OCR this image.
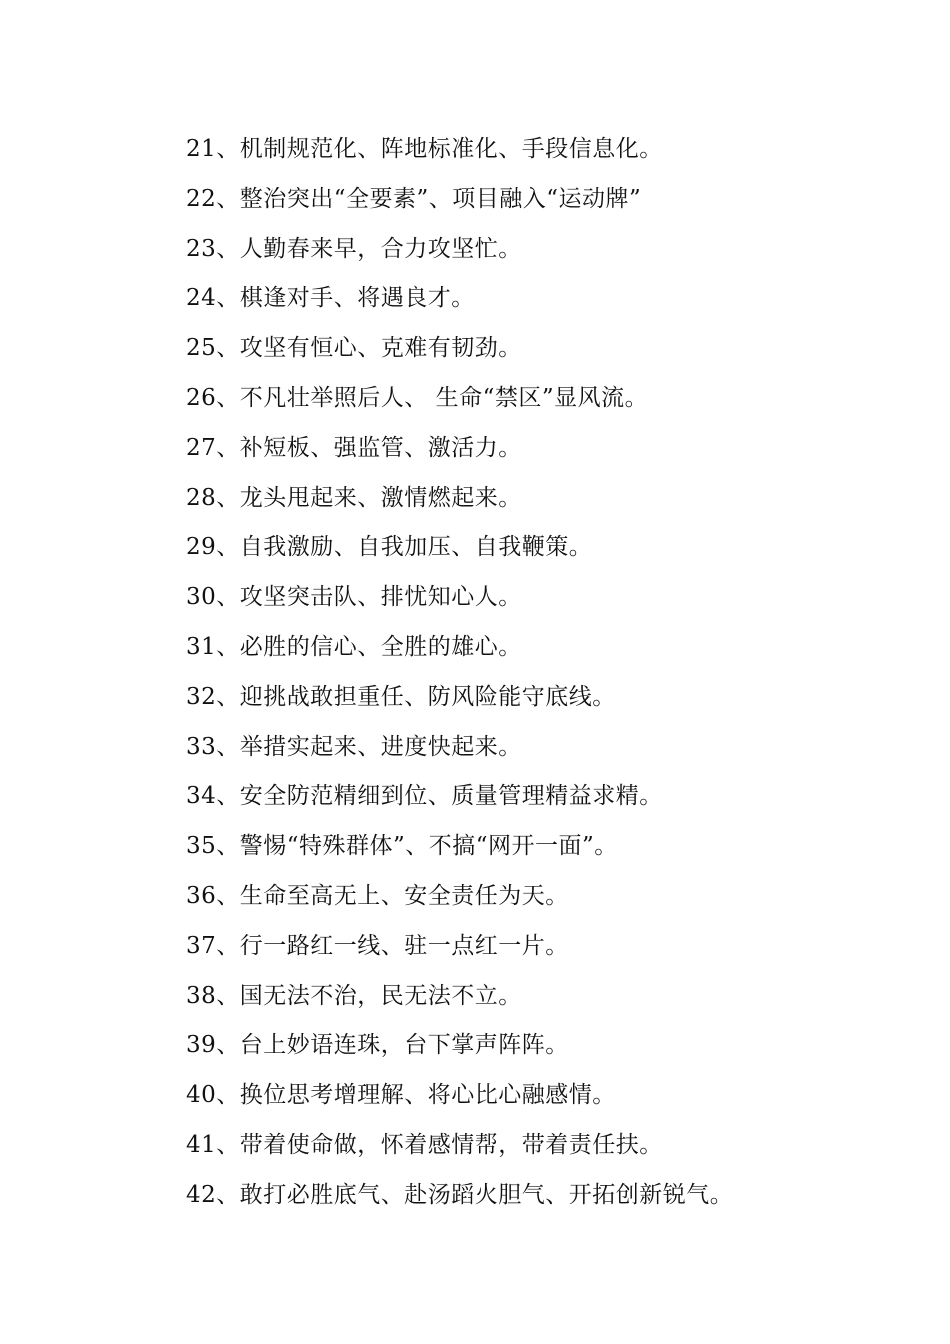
21、机制规范化、阵地标准化、手段信息化。
22、整治突出“全要素”、项目融入“运动牌”
23、人勤春来早，合力攻坚忙。
24、棋逢对手、将遇良才。
25、攻坚有恒心、克难有韧劲。
26、不凡壮举照后人、 生命“禁区”显风流。
27、补短板、强监管、激活力。
28、龙头甩起来、激情燃起来。
29、自我激励、自我加压、自我鞭策。
30、攻坚突击队、排忧知心人。
31、必胜的信心、全胜的雄心。
32、迎挑战敢担重任、防风险能守底线。
33、举措实起来、进度快起来。
34、安全防范精细到位、质量管理精益求精。
35、警惕“特殊群体”、不搞“网开一面”。
36、生命至高无上、安全责任为天。
37、行一路红一线、驻一点红一片。
38、国无法不治，民无法不立。
39、台上妙语连珠，台下掌声阵阵。
40、换位思考增理解、将心比心融感情。
41、带着使命做，怀着感情帮，带着责任扶。
42、敢打必胜底气、赴汤蹈火胆气、开拓创新锐气。
